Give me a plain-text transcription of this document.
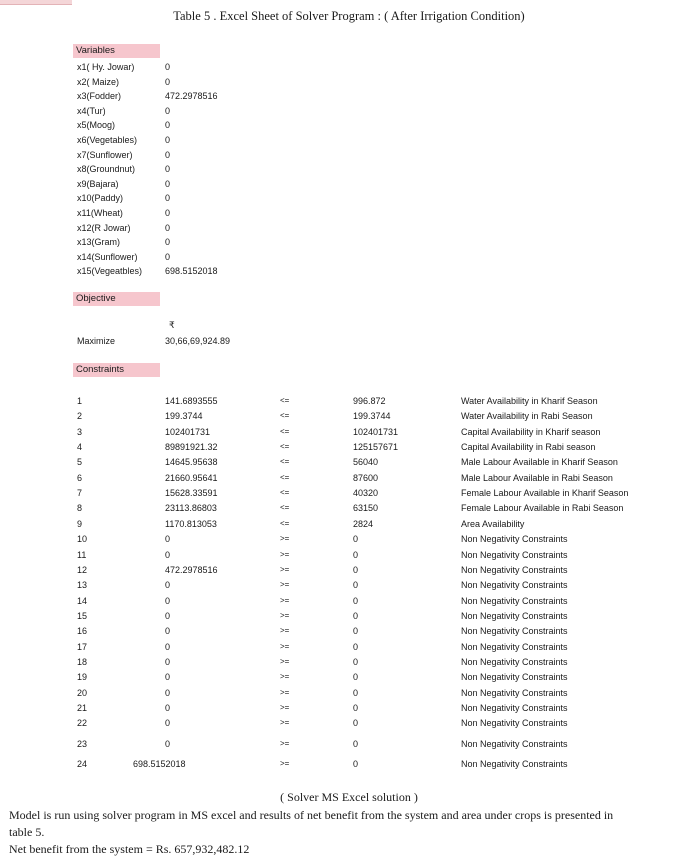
Table 5 . Excel Sheet of Solver Program : ( After Irrigation Condition)
Variables
x1( Hy. Jowar)	0
x2( Maize)	0
x3(Fodder)	472.2978516
x4(Tur)	0
x5(Moog)	0
x6(Vegetables)	0
x7(Sunflower)	0
x8(Groundnut)	0
x9(Bajara)	0
x10(Paddy)	0
x11(Wheat)	0
x12(R Jowar)	0
x13(Gram)	0
x14(Sunflower)	0
x15(Vegeatbles)	698.5152018
Objective
₹
Maximize	30,66,69,924.89
Constraints
1	141.6893555	<=	996.872	Water Availability in Kharif Season
2	199.3744	<=	199.3744	Water Availability in Rabi Season
3	102401731	<=	102401731	Capital Availability in Kharif season
4	89891921.32	<=	125157671	Capital Availability in Rabi season
5	14645.95638	<=	56040	Male Labour Available in Kharif Season
6	21660.95641	<=	87600	Male Labour Available in Rabi Season
7	15628.33591	<=	40320	Female Labour Available in Kharif Season
8	23113.86803	<=	63150	Female Labour Available in Rabi Season
9	1170.813053	<=	2824	Area Availability
10	0	>=	0	Non Negativity Constraints
11	0	>=	0	Non Negativity Constraints
12	472.2978516	>=	0	Non Negativity Constraints
13	0	>=	0	Non Negativity Constraints
14	0	>=	0	Non Negativity Constraints
15	0	>=	0	Non Negativity Constraints
16	0	>=	0	Non Negativity Constraints
17	0	>=	0	Non Negativity Constraints
18	0	>=	0	Non Negativity Constraints
19	0	>=	0	Non Negativity Constraints
20	0	>=	0	Non Negativity Constraints
21	0	>=	0	Non Negativity Constraints
22	0	>=	0	Non Negativity Constraints
23	0	>=	0	Non Negativity Constraints
24	698.5152018	>=	0	Non Negativity Constraints
( Solver MS Excel solution )
Model is run using solver program in MS excel and results of net benefit from the system and area under crops is presented in
table 5.
Net benefit from the system = Rs. 657,932,482.12
